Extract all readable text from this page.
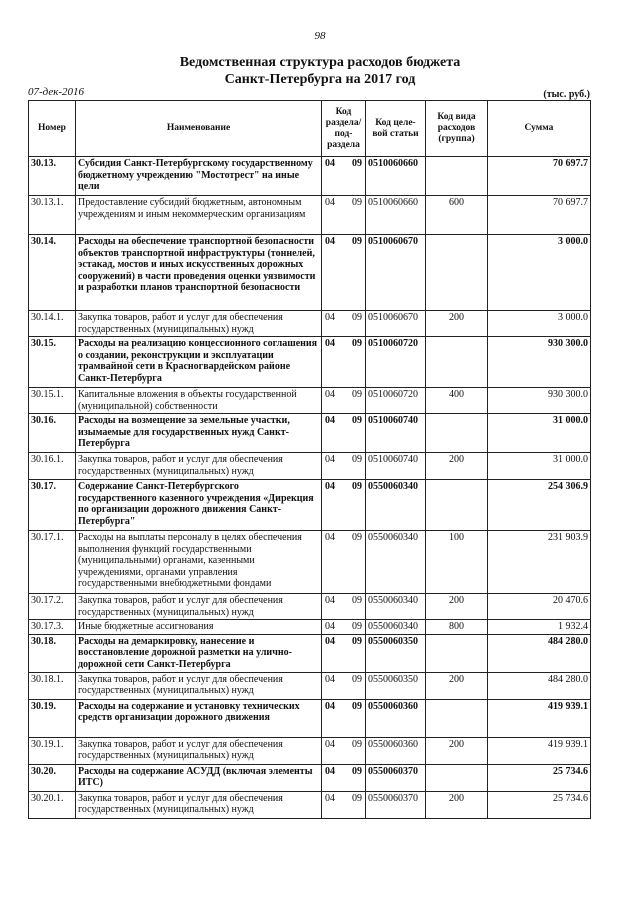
98
Ведомственная структура расходов бюджета
Санкт-Петербурга на 2017 год
07-дек-2016	(тыс. руб.)
Номер	Наименование	Код раздела/ под- раздела	Код целе- вой статьи	Код вида расходов (группа)	Сумма
30.13.	Субсидия Санкт-Петербургскому государственному бюджетному учреждению "Мостотрест" на иные цели	04 09	0510060660		70 697.7
30.13.1.	Предоставление субсидий бюджетным, автономным учреждениям и иным некоммерческим организациям	04 09	0510060660	600	70 697.7
30.14.	Расходы на обеспечение транспортной безопасности объектов транспортной инфраструктуры (тоннелей, эстакад, мостов и иных искусственных дорожных сооружений) в части проведения оценки уязвимости и разработки планов транспортной безопасности	04 09	0510060670		3 000.0
30.14.1.	Закупка товаров, работ и услуг для обеспечения государственных (муниципальных) нужд	04 09	0510060670	200	3 000.0
30.15.	Расходы на реализацию концессионного соглашения о создании, реконструкции и эксплуатации трамвайной сети в Красногвардейском районе Санкт-Петербурга	04 09	0510060720		930 300.0
30.15.1.	Капитальные вложения в объекты государственной (муниципальной) собственности	04 09	0510060720	400	930 300.0
30.16.	Расходы на возмещение за земельные участки, изымаемые для государственных нужд Санкт-Петербурга	04 09	0510060740		31 000.0
30.16.1.	Закупка товаров, работ и услуг для обеспечения государственных (муниципальных) нужд	04 09	0510060740	200	31 000.0
30.17.	Содержание Санкт-Петербургского государственного казенного учреждения «Дирекция по организации дорожного движения Санкт-Петербурга"	04 09	0550060340		254 306.9
30.17.1.	Расходы на выплаты персоналу в целях обеспечения выполнения функций государственными (муниципальными) органами, казенными учреждениями, органами управления государственными внебюджетными фондами	04 09	0550060340	100	231 903.9
30.17.2.	Закупка товаров, работ и услуг для обеспечения государственных (муниципальных) нужд	04 09	0550060340	200	20 470.6
30.17.3.	Иные бюджетные ассигнования	04 09	0550060340	800	1 932.4
30.18.	Расходы на демаркировку, нанесение и восстановление дорожной разметки на улично-дорожной сети Санкт-Петербурга	04 09	0550060350		484 280.0
30.18.1.	Закупка товаров, работ и услуг для обеспечения государственных (муниципальных) нужд	04 09	0550060350	200	484 280.0
30.19.	Расходы на содержание и установку технических средств организации дорожного движения	04 09	0550060360		419 939.1
30.19.1.	Закупка товаров, работ и услуг для обеспечения государственных (муниципальных) нужд	04 09	0550060360	200	419 939.1
30.20.	Расходы на содержание АСУДД (включая элементы ИТС)	04 09	0550060370		25 734.6
30.20.1.	Закупка товаров, работ и услуг для обеспечения государственных (муниципальных) нужд	04 09	0550060370	200	25 734.6
